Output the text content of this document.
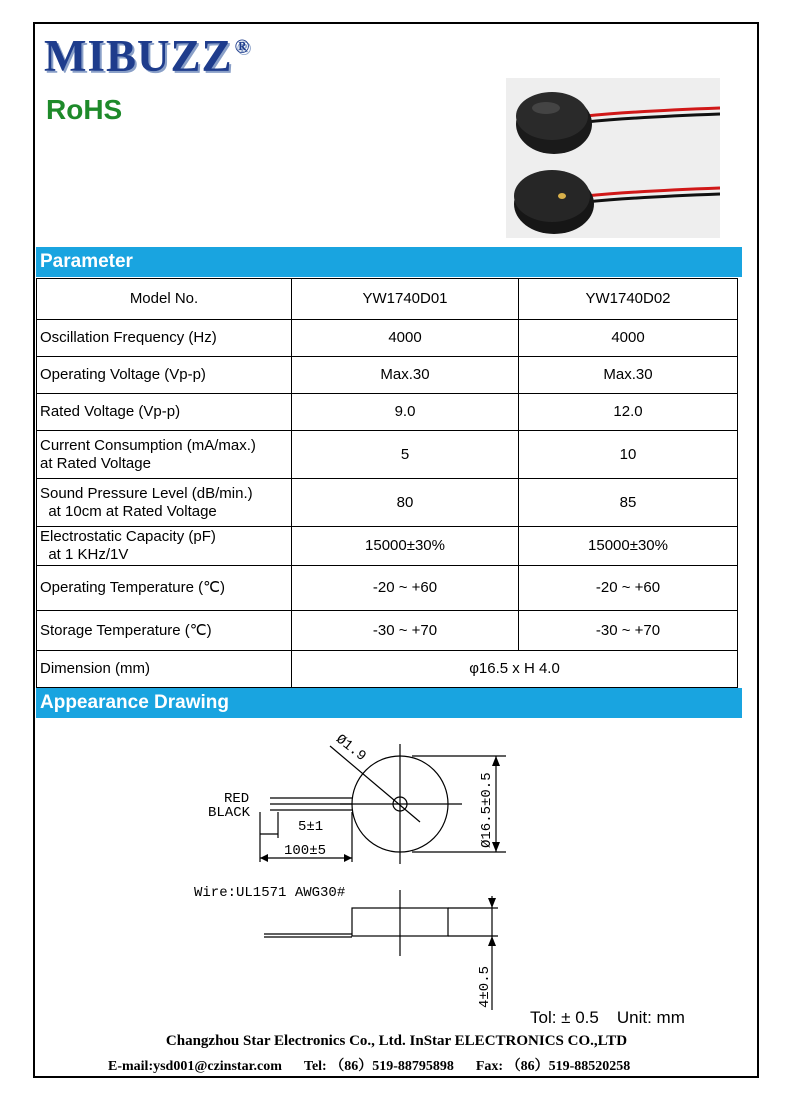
MIBUZZ ®
RoHS
Parameter
Model No.	YW1740D01	YW1740D02
Oscillation Frequency (Hz)	4000	4000
Operating Voltage (Vp-p)	Max.30	Max.30
Rated Voltage (Vp-p)	9.0	12.0
Current Consumption (mA/max.)
at Rated Voltage	5	10
Sound Pressure Level (dB/min.)
at 10cm at Rated Voltage	80	85
Electrostatic Capacity (pF)
at 1 KHz/1V	15000±30%	15000±30%
Operating Temperature (℃)	-20 ~ +60	-20 ~ +60
Storage Temperature (℃)	-30 ~ +70	-30 ~ +70
Dimension (mm)	φ16.5 x H 4.0	
Appearance Drawing
RED
BLACK
Ø1.9
Ø16.5±0.5
5±1
100±5
Wire:UL1571 AWG30#
4±0.5
Tol: ± 0.5 Unit: mm
Changzhou Star Electronics Co., Ltd. InStar ELECTRONICS CO.,LTD
E-mail:ysd001@czinstar.com Tel: （86）519-88795898 Fax: （86）519-88520258
